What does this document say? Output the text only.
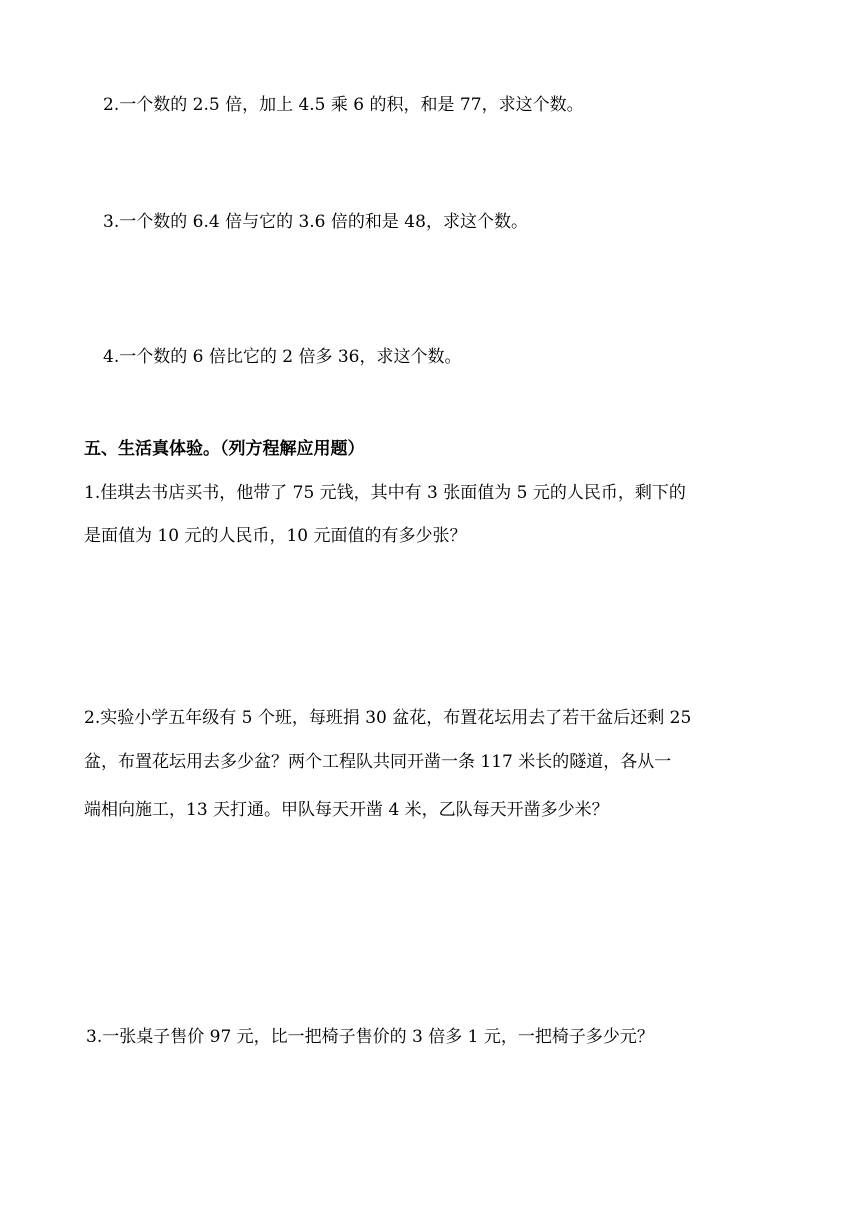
2.一个数的 2.5 倍，加上 4.5 乘 6 的积，和是 77，求这个数。
3.一个数的 6.4 倍与它的 3.6 倍的和是 48，求这个数。
4.一个数的 6 倍比它的 2 倍多 36，求这个数。
五、生活真体验。（列方程解应用题）
1.佳琪去书店买书，他带了 75 元钱，其中有 3 张面值为 5 元的人民币，剩下的
是面值为 10 元的人民币，10 元面值的有多少张？
2.实验小学五年级有 5 个班，每班捐 30 盆花，布置花坛用去了若干盆后还剩 25
盆，布置花坛用去多少盆？两个工程队共同开凿一条 117 米长的隧道，各从一
端相向施工，13 天打通。甲队每天开凿 4 米，乙队每天开凿多少米？
3.一张桌子售价 97 元，比一把椅子售价的 3 倍多 1 元，一把椅子多少元？
